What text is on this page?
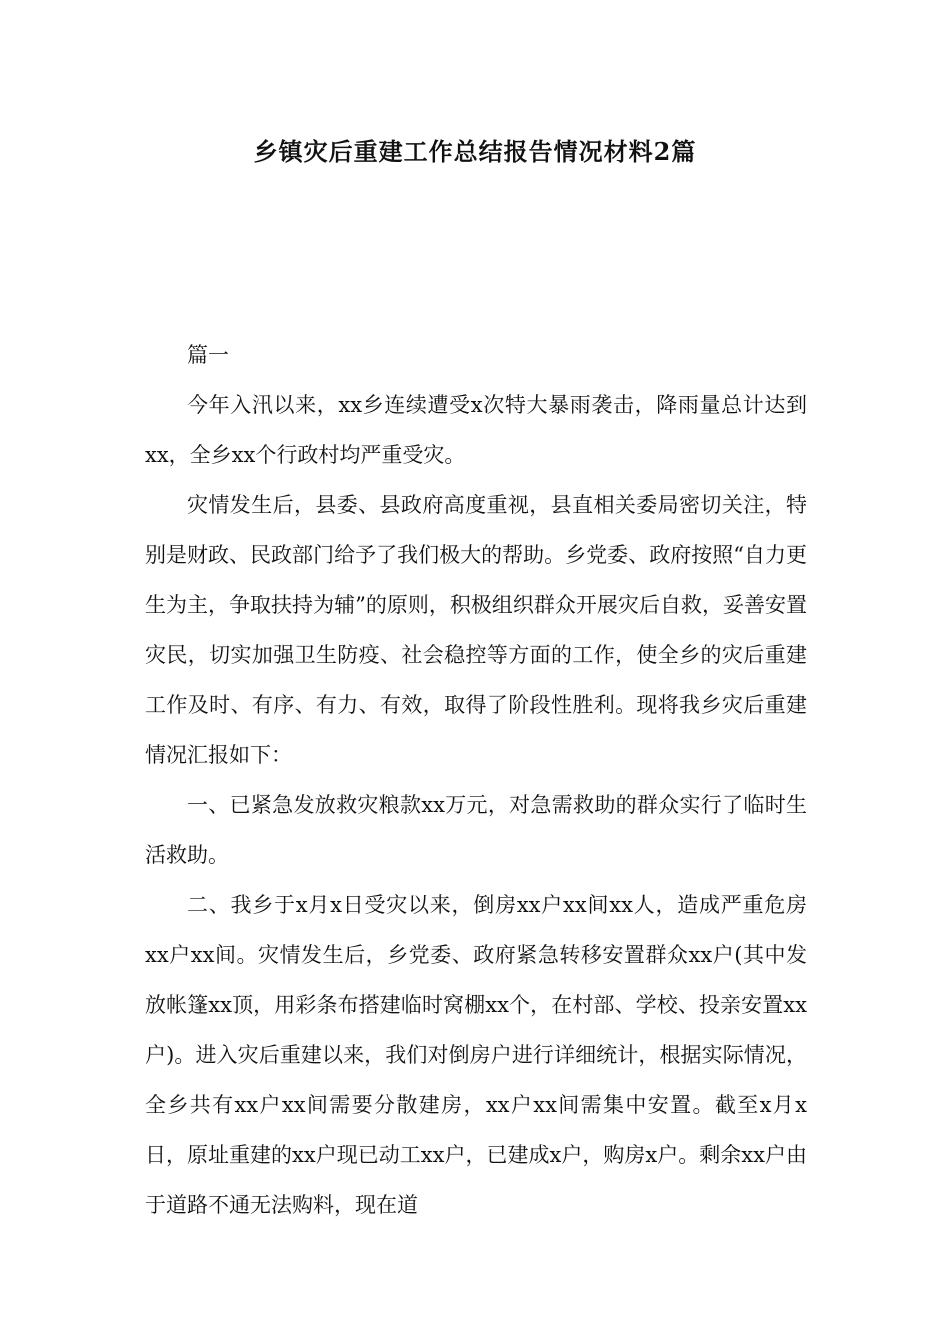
乡镇灾后重建工作总结报告情况材料2篇

篇一

今年入汛以来，xx乡连续遭受x次特大暴雨袭击，降雨量总计达到xx，全乡xx个行政村均严重受灾。

灾情发生后，县委、县政府高度重视，县直相关委局密切关注，特别是财政、民政部门给予了我们极大的帮助。乡党委、政府按照“自力更生为主，争取扶持为辅”的原则，积极组织群众开展灾后自救，妥善安置灾民，切实加强卫生防疫、社会稳控等方面的工作，使全乡的灾后重建工作及时、有序、有力、有效，取得了阶段性胜利。现将我乡灾后重建情况汇报如下：

一、已紧急发放救灾粮款xx万元，对急需救助的群众实行了临时生活救助。

二、我乡于x月x日受灾以来，倒房xx户xx间xx人，造成严重危房xx户xx间。灾情发生后，乡党委、政府紧急转移安置群众xx户(其中发放帐篷xx顶，用彩条布搭建临时窝棚xx个，在村部、学校、投亲安置xx户)。进入灾后重建以来，我们对倒房户进行详细统计，根据实际情况，全乡共有xx户xx间需要分散建房，xx户xx间需集中安置。截至x月x日，原址重建的xx户现已动工xx户，已建成x户，购房x户。剩余xx户由于道路不通无法购料，现在道
